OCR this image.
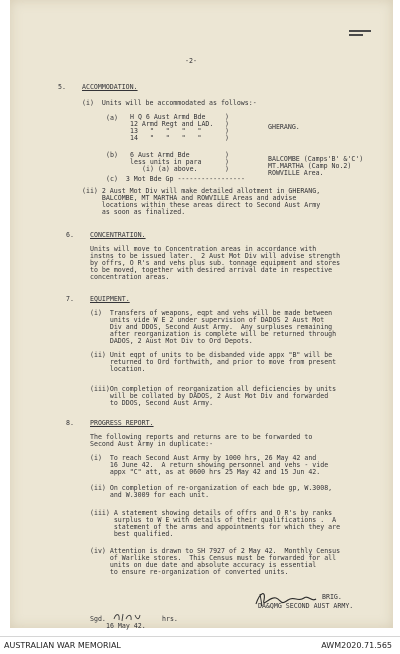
-2-
5. ACCOMMODATION.
(i)  Units will be accommodated as follows:-
(a) H Q 6 Aust Armd Bde
12 Armd Regt and LAD.
13   "   "   "   "
14   "   "   "   "
)
)
)
)
GHERANG.
(b) 6 Aust Armd Bde
less units in para
(i) (a) above.
)
)
)
BALCOMBE (Camps'B' &'C')
MT.MARTHA (Camp No.2)
(c)  3 Mot Bde Gp -----------------
ROWVILLE Area.
(ii) 2 Aust Mot Div will make detailed allotment in GHERANG,
BALCOMBE, MT MARTHA and ROWVILLE Areas and advise
locations within these areas direct to Second Aust Army
as soon as finalized.
6. CONCENTRATION.
Units will move to Concentration areas in accordance with
instns to be issued later.  2 Aust Mot Div will advise strength
by offrs, O R's and vehs plus sub. tonnage equipment and stores
to be moved, together with desired arrival date in respective
concentration areas.
7. EQUIPMENT.
(i)  Transfers of weapons, eqpt and vehs will be made between
units vide W E 2 under supervision of DADOS 2 Aust Mot
Div and DDOS, Second Aust Army.  Any surpluses remaining
after reorganization is complete will be returned through
DADOS, 2 Aust Mot Div to Ord Depots.
(ii) Unit eqpt of units to be disbanded vide appx "B" will be
returned to Ord forthwith, and prior to move from present
location.
(iii)On completion of reorganization all deficiencies by units
will be collated by DADOS, 2 Aust Mot Div and forwarded
to DDOS, Second Aust Army.
8. PROGRESS REPORT.
The following reports and returns are to be forwarded to
Second Aust Army in duplicate:-
(i)  To reach Second Aust Army by 1000 hrs, 26 May 42 and
16 June 42.  A return showing personnel and vehs - vide
appx "C" att, as at 0600 hrs 25 May 42 and 15 Jun 42.
(ii) On completion of re-organization of each bde gp, W.3008,
and W.3009 for each unit.
(iii) A statement showing details of offrs and O R's by ranks
surplus to W E with details of their qualifications .  A
statement of the arms and appointments for which they are
best qualified.
(iv) Attention is drawn to SH 7927 of 2 May 42.  Monthly Census
of Warlike stores.  This Census must be forwarded for all
units on due date and absolute accuracy is essential
to ensure re-organization of converted units.
BRIG.
DA&QMG SECOND AUST ARMY.
Sgd.	hrs.
16 May 42.
AUSTRALIAN WAR MEMORIAL	AWM2020.71.565
